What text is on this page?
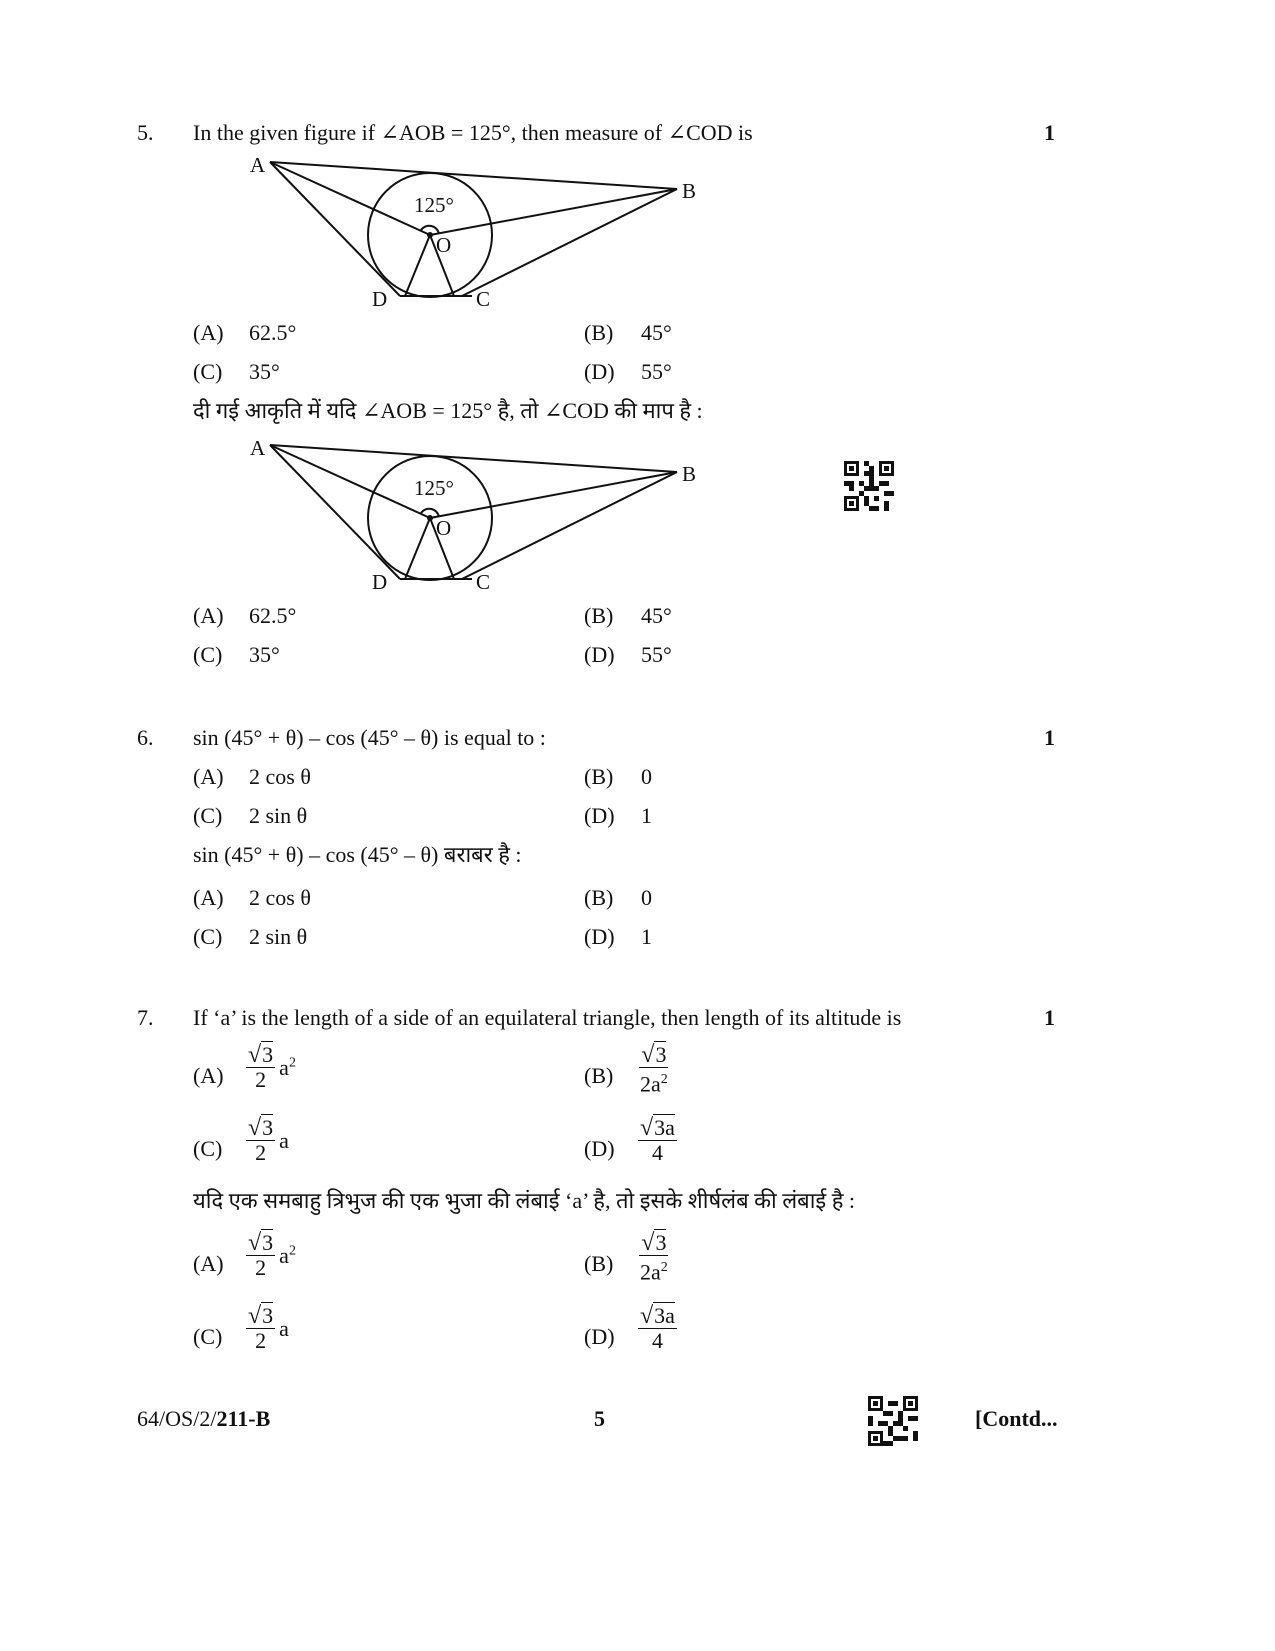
5. In the given figure if ∠AOB = 125°, then measure of ∠COD is	1
A
B
C
D
O
125°
(A) 62.5°	(B) 45°
(C) 35°	(D) 55°
दी गई आकृति में यदि ∠AOB = 125° है, तो ∠COD की माप है :
A
B
C
D
O
125°
(A) 62.5°	(B) 45°
(C) 35°	(D) 55°
6. sin (45° + θ) – cos (45° – θ) is equal to :	1
(A) 2 cos θ	(B) 0
(C) 2 sin θ	(D) 1
sin (45° + θ) – cos (45° – θ) बराबर है :
(A) 2 cos θ	(B) 0
(C) 2 sin θ	(D) 1
7. If ‘a’ is the length of a side of an equilateral triangle, then length of its altitude is	1
$(A) \frac{√3}{2} a^2$
$(B) \frac{√3}{2a^2}$
$(C) \frac{√3}{2}$ a	$(D) \frac{√3a}{4}$
यदि एक समबाहु त्रिभुज की एक भुजा की लंबाई ‘a’ है, तो इसके शीर्षलंब की लंबाई है :
$(A) \frac{√3}{2} a^2$
$(B) \frac{√3}{2a^2}$
$(C) \frac{√3}{2}$ a	$(D) \frac{√3a}{4}$
64/OS/2/211-B	5	[Contd...
